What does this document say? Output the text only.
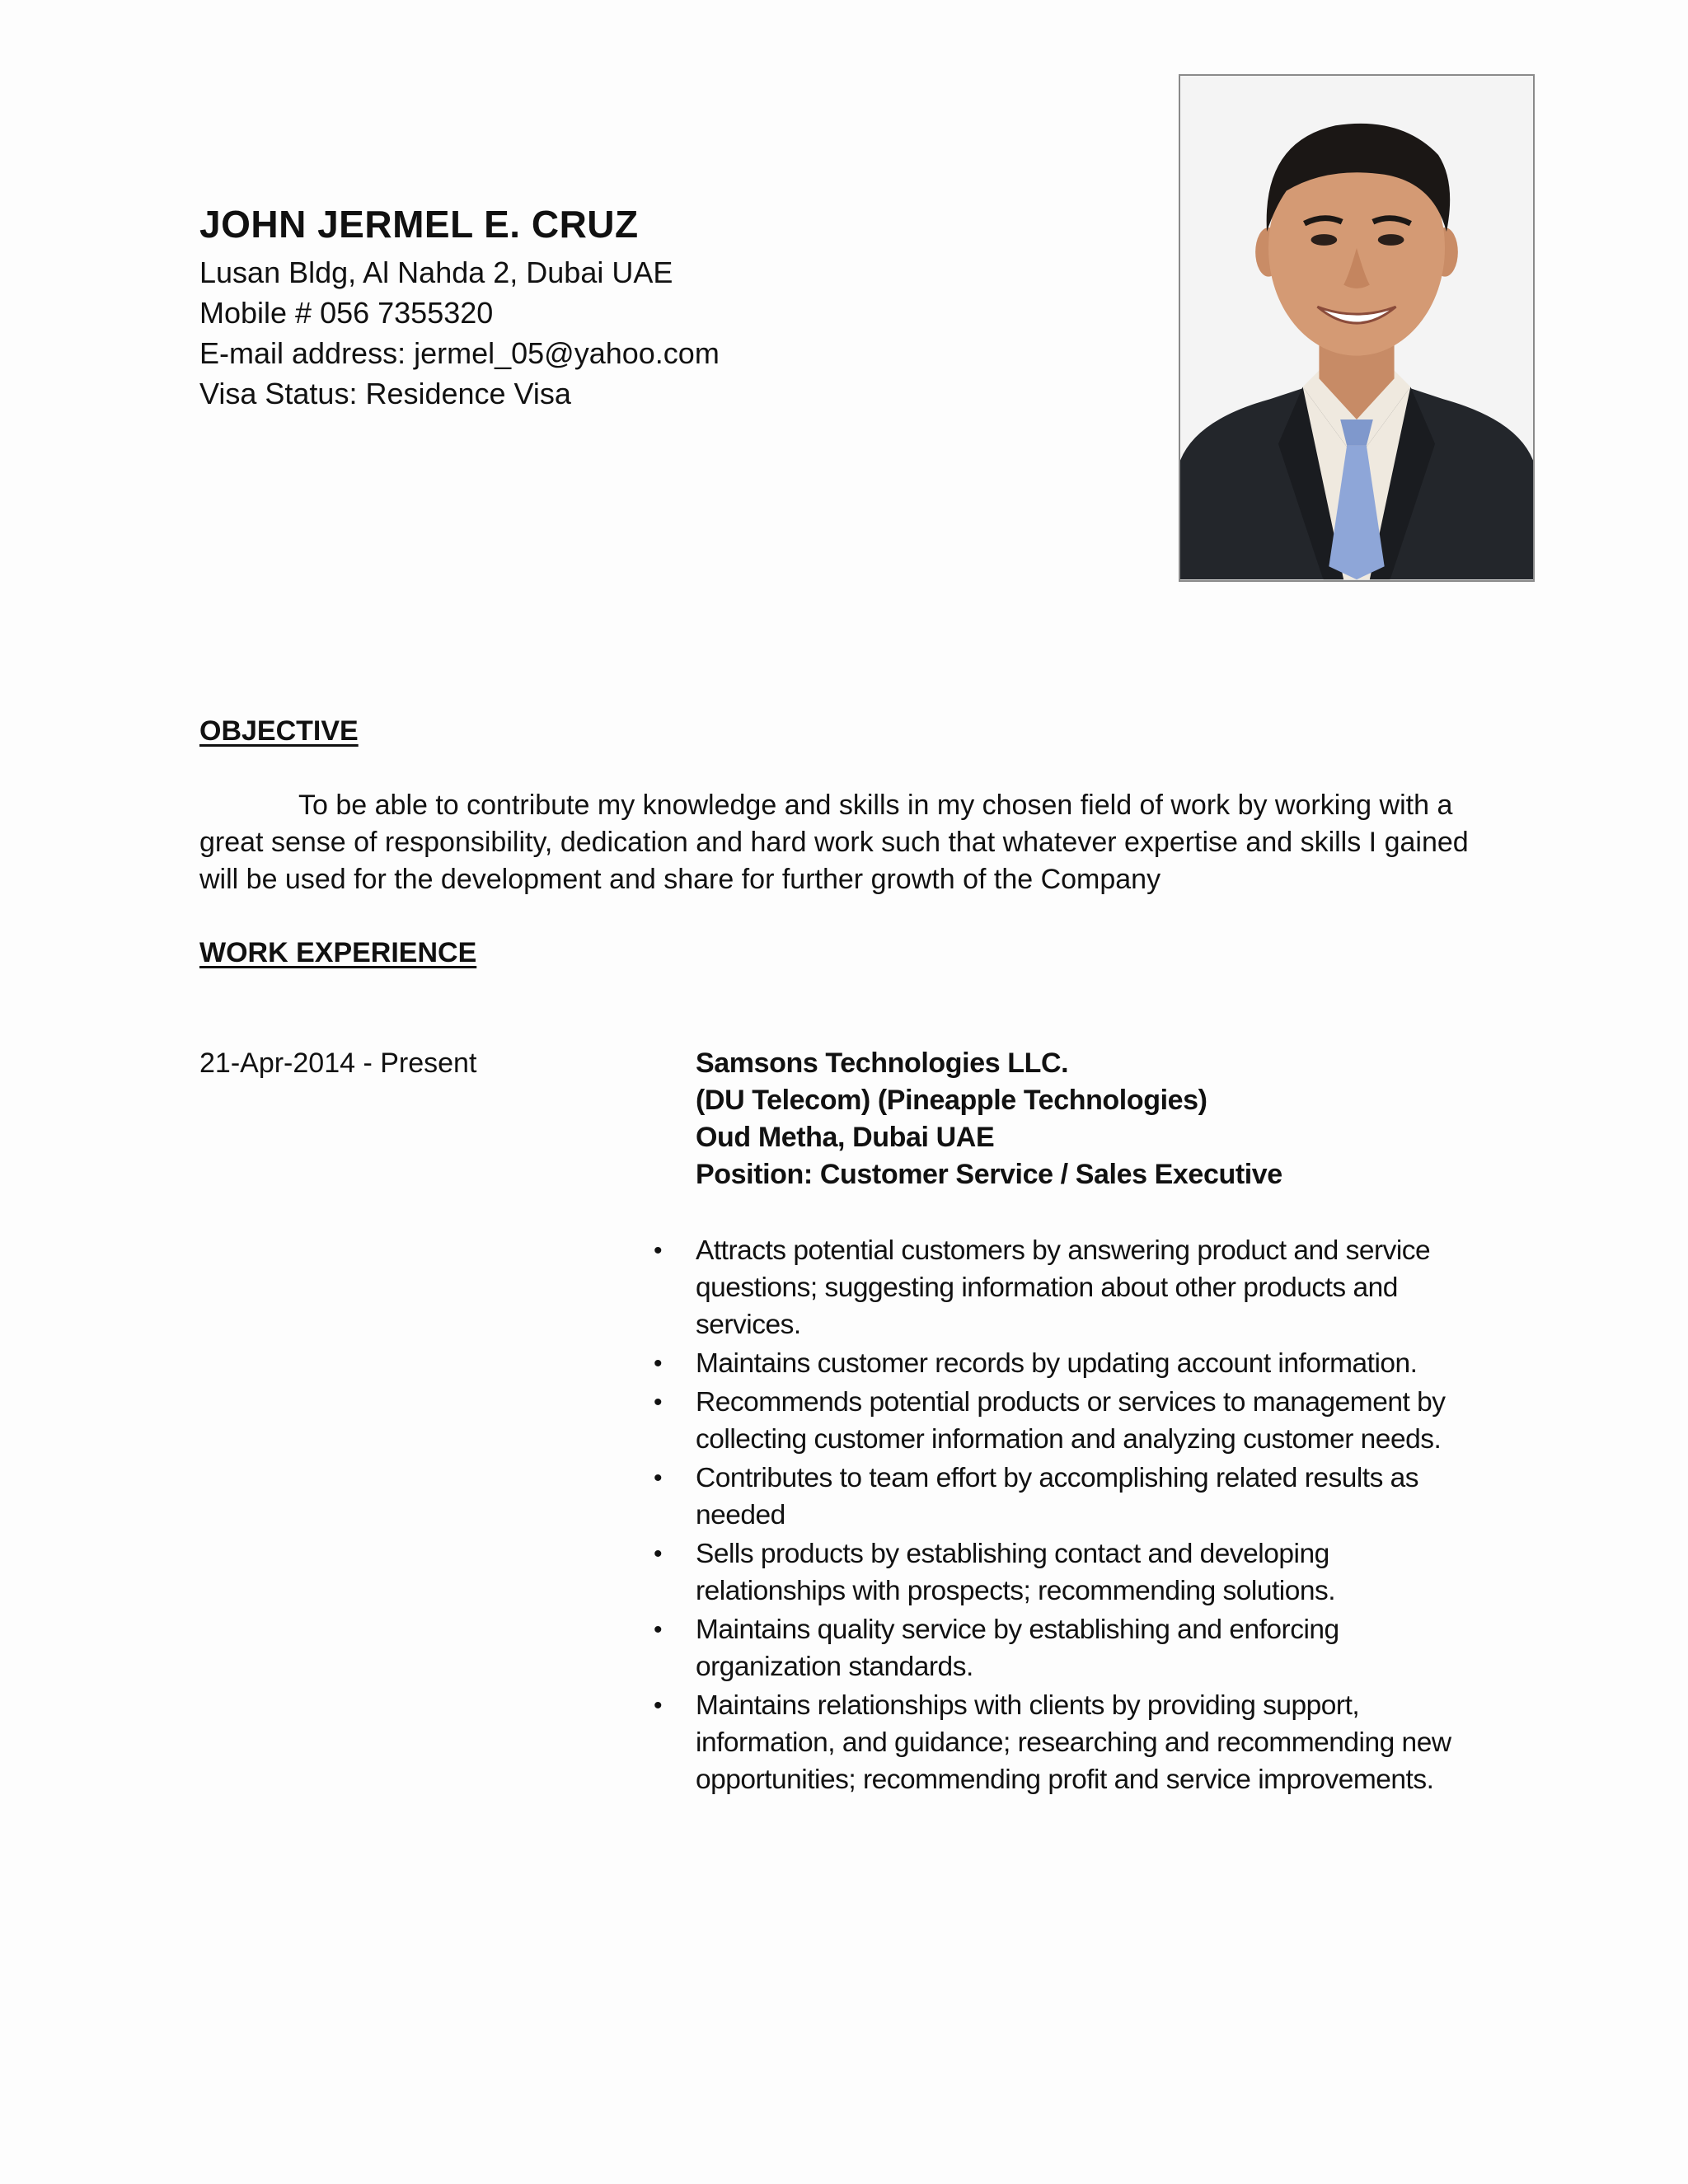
JOHN JERMEL E. CRUZ
Lusan Bldg, Al Nahda 2, Dubai UAE
Mobile # 056 7355320
E-mail address: jermel_05@yahoo.com
Visa Status: Residence Visa
OBJECTIVE
To be able to contribute my knowledge and skills in my chosen field of work by working with a
great sense of responsibility, dedication and hard work such that whatever expertise and skills I gained
will be used for the development and share for further growth of the Company
WORK EXPERIENCE
21-Apr-2014 - Present	Samsons Technologies LLC.
(DU Telecom) (Pineapple Technologies)
Oud Metha, Dubai UAE
Position: Customer Service / Sales Executive
• Attracts potential customers by answering product and service
questions; suggesting information about other products and
services.
• Maintains customer records by updating account information.
• Recommends potential products or services to management by
collecting customer information and analyzing customer needs.
• Contributes to team effort by accomplishing related results as
needed
• Sells products by establishing contact and developing
relationships with prospects; recommending solutions.
• Maintains quality service by establishing and enforcing
organization standards.
• Maintains relationships with clients by providing support,
information, and guidance; researching and recommending new
opportunities; recommending profit and service improvements.
